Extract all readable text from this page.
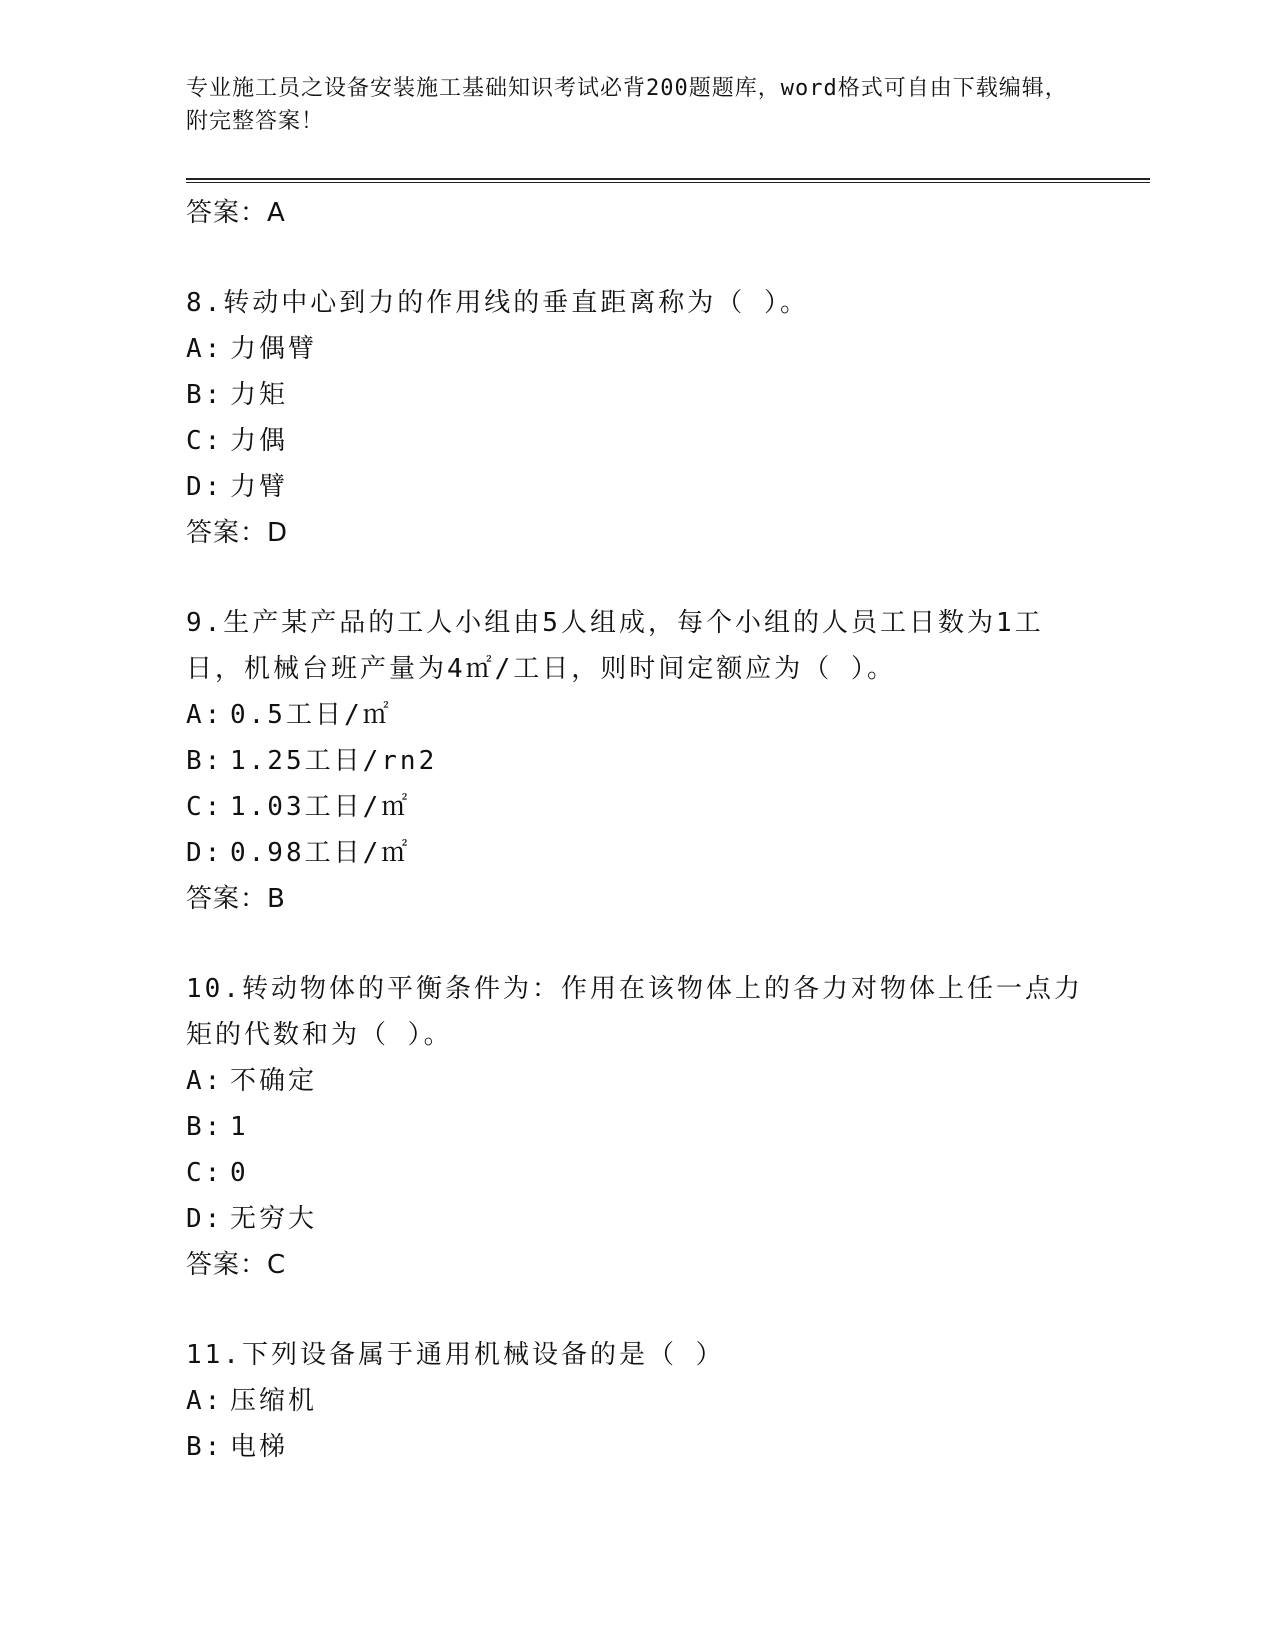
专业施工员之设备安装施工基础知识考试必背200题题库，word格式可自由下载编辑，附完整答案！
答案：A
8.转动中心到力的作用线的垂直距离称为（ ）。
A: 力偶臂
B: 力矩
C: 力偶
D: 力臂
答案：D
9.生产某产品的工人小组由5人组成，每个小组的人员工日数为1工日，机械台班产量为4㎡/工日，则时间定额应为（ ）。
A: 0.5工日/㎡
B: 1.25工日/rn2
C: 1.03工日/㎡
D: 0.98工日/㎡
答案：B
10.转动物体的平衡条件为：作用在该物体上的各力对物体上任一点力矩的代数和为（ ）。
A: 不确定
B: 1
C: 0
D: 无穷大
答案：C
11.下列设备属于通用机械设备的是（ ）
A: 压缩机
B: 电梯
